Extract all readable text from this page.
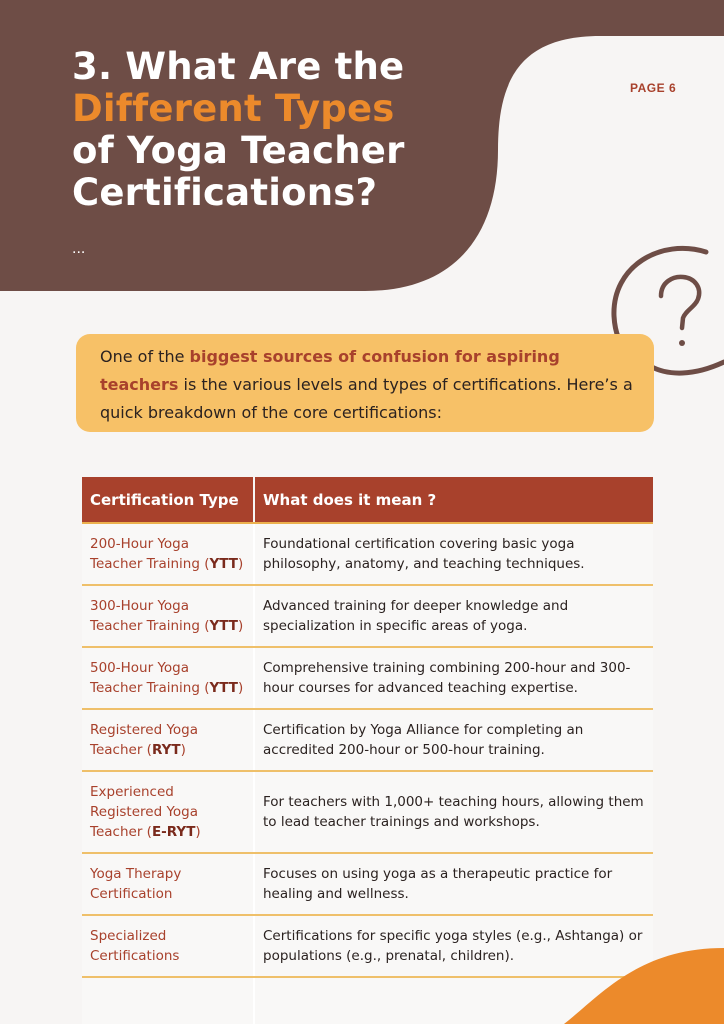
3. What Are the
Different Types
of Yoga Teacher
Certifications?
...
PAGE 6
One of the biggest sources of confusion for aspiring teachers is the various levels and types of certifications. Here’s a quick breakdown of the core certifications:
Certification Type	What does it mean ?
200-Hour Yoga Teacher Training (YTT)	Foundational certification covering basic yoga philosophy, anatomy, and teaching techniques.
300-Hour Yoga Teacher Training (YTT)	Advanced training for deeper knowledge and specialization in specific areas of yoga.
500-Hour Yoga Teacher Training (YTT)	Comprehensive training combining 200-hour and 300-hour courses for advanced teaching expertise.
Registered Yoga Teacher (RYT)	Certification by Yoga Alliance for completing an accredited 200-hour or 500-hour training.
Experienced Registered Yoga Teacher (E-RYT)	For teachers with 1,000+ teaching hours, allowing them to lead teacher trainings and workshops.
Yoga Therapy Certification	Focuses on using yoga as a therapeutic practice for healing and wellness.
Specialized Certifications	Certifications for specific yoga styles (e.g., Ashtanga) or populations (e.g., prenatal, children).
